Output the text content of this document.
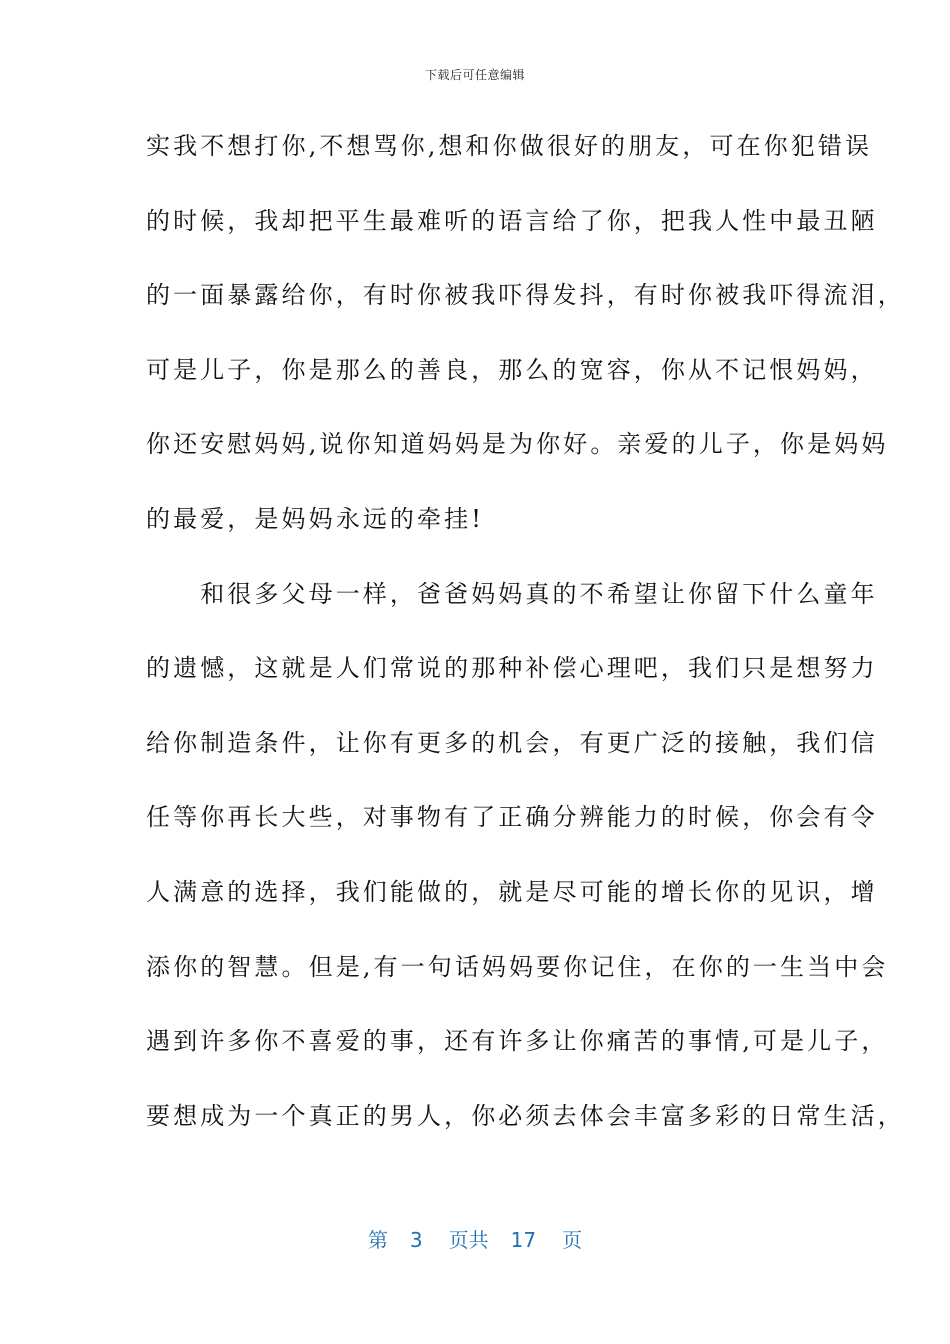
下载后可任意编辑
实我不想打你,不想骂你,想和你做很好的朋友，可在你犯错误
的时候，我却把平生最难听的语言给了你，把我人性中最丑陋
的一面暴露给你，有时你被我吓得发抖，有时你被我吓得流泪，
可是儿子，你是那么的善良，那么的宽容，你从不记恨妈妈，
你还安慰妈妈,说你知道妈妈是为你好。亲爱的儿子，你是妈妈
的最爱，是妈妈永远的牵挂!
　　和很多父母一样，爸爸妈妈真的不希望让你留下什么童年
的遗憾，这就是人们常说的那种补偿心理吧，我们只是想努力
给你制造条件，让你有更多的机会，有更广泛的接触，我们信
任等你再长大些，对事物有了正确分辨能力的时候，你会有令
人满意的选择，我们能做的，就是尽可能的增长你的见识，增
添你的智慧。但是,有一句话妈妈要你记住，在你的一生当中会
遇到许多你不喜爱的事，还有许多让你痛苦的事情,可是儿子，
要想成为一个真正的男人，你必须去体会丰富多彩的日常生活，
第 3 页共 17 页
